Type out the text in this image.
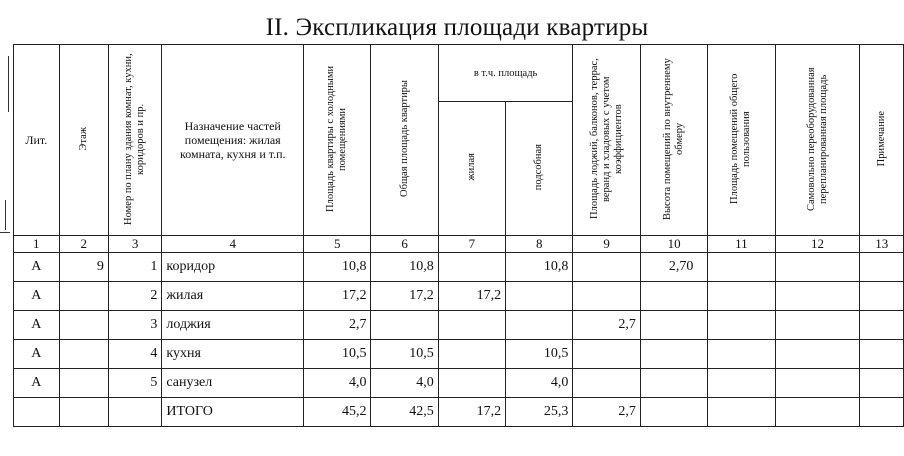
II. Экспликация площади квартиры
Лит.	Этаж	Номер по плану здания комнат, кухни, коридоров и пр.	Назначение частей помещения: жилая комната, кухня и т.п.	Площадь квартиры с холодными помещениями	Общая площадь квартиры	в т.ч. площадь		Площадь лоджий, балконов, террас, веранд и хладовых с учетом коэффициентов	Высота помещений по внутреннему обмеру	Площадь помещений общего пользования	Самовольно переоборудованная перепланированная площадь	Примечание
						жилая	подсобная					
1	2	3	4	5	6	7	8	9	10	11	12	13
А	9	1	коридор	10,8	10,8		10,8		2,70			
А		2	жилая	17,2	17,2	17,2						
А		3	лоджия	2,7				2,7				
А		4	кухня	10,5	10,5		10,5					
А		5	санузел	4,0	4,0		4,0					
			ИТОГО	45,2	42,5	17,2	25,3	2,7				
